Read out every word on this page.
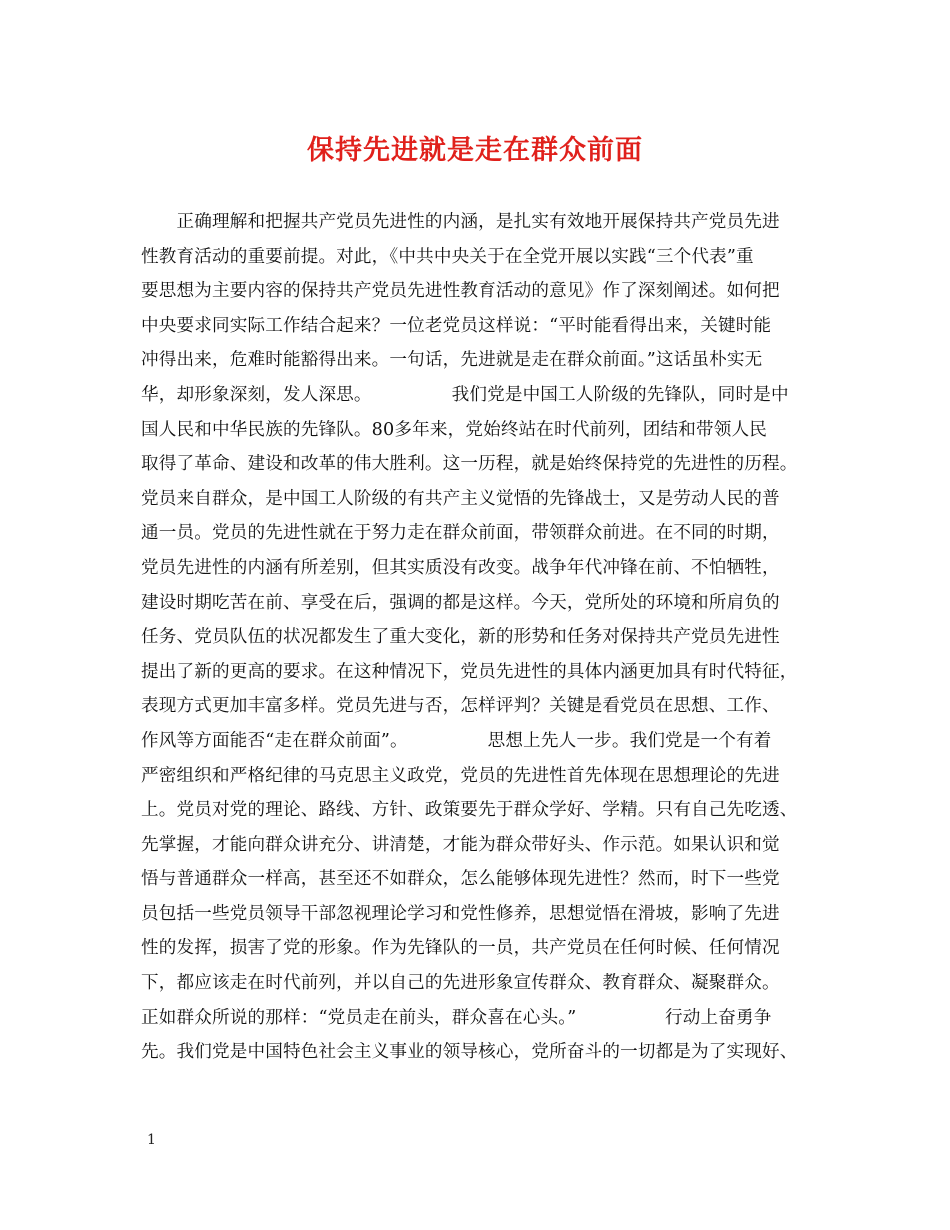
保持先进就是走在群众前面
　　正确理解和把握共产党员先进性的内涵，是扎实有效地开展保持共产党员先进
性教育活动的重要前提。对此，《中共中央关于在全党开展以实践“三个代表”重
要思想为主要内容的保持共产党员先进性教育活动的意见》作了深刻阐述。如何把
中央要求同实际工作结合起来？一位老党员这样说：“平时能看得出来，关键时能
冲得出来，危难时能豁得出来。一句话，先进就是走在群众前面。”这话虽朴实无
华，却形象深刻，发人深思。　　　　　我们党是中国工人阶级的先锋队，同时是中
国人民和中华民族的先锋队。80多年来，党始终站在时代前列，团结和带领人民
取得了革命、建设和改革的伟大胜利。这一历程，就是始终保持党的先进性的历程。
党员来自群众，是中国工人阶级的有共产主义觉悟的先锋战士，又是劳动人民的普
通一员。党员的先进性就在于努力走在群众前面，带领群众前进。在不同的时期，
党员先进性的内涵有所差别，但其实质没有改变。战争年代冲锋在前、不怕牺牲，
建设时期吃苦在前、享受在后，强调的都是这样。今天，党所处的环境和所肩负的
任务、党员队伍的状况都发生了重大变化，新的形势和任务对保持共产党员先进性
提出了新的更高的要求。在这种情况下，党员先进性的具体内涵更加具有时代特征，
表现方式更加丰富多样。党员先进与否，怎样评判？关键是看党员在思想、工作、
作风等方面能否“走在群众前面”。　　　　　思想上先人一步。我们党是一个有着
严密组织和严格纪律的马克思主义政党，党员的先进性首先体现在思想理论的先进
上。党员对党的理论、路线、方针、政策要先于群众学好、学精。只有自己先吃透、
先掌握，才能向群众讲充分、讲清楚，才能为群众带好头、作示范。如果认识和觉
悟与普通群众一样高，甚至还不如群众，怎么能够体现先进性？然而，时下一些党
员包括一些党员领导干部忽视理论学习和党性修养，思想觉悟在滑坡，影响了先进
性的发挥，损害了党的形象。作为先锋队的一员，共产党员在任何时候、任何情况
下，都应该走在时代前列，并以自己的先进形象宣传群众、教育群众、凝聚群众。
正如群众所说的那样：“党员走在前头，群众喜在心头。”　　　　　行动上奋勇争
先。我们党是中国特色社会主义事业的领导核心，党所奋斗的一切都是为了实现好、
1
